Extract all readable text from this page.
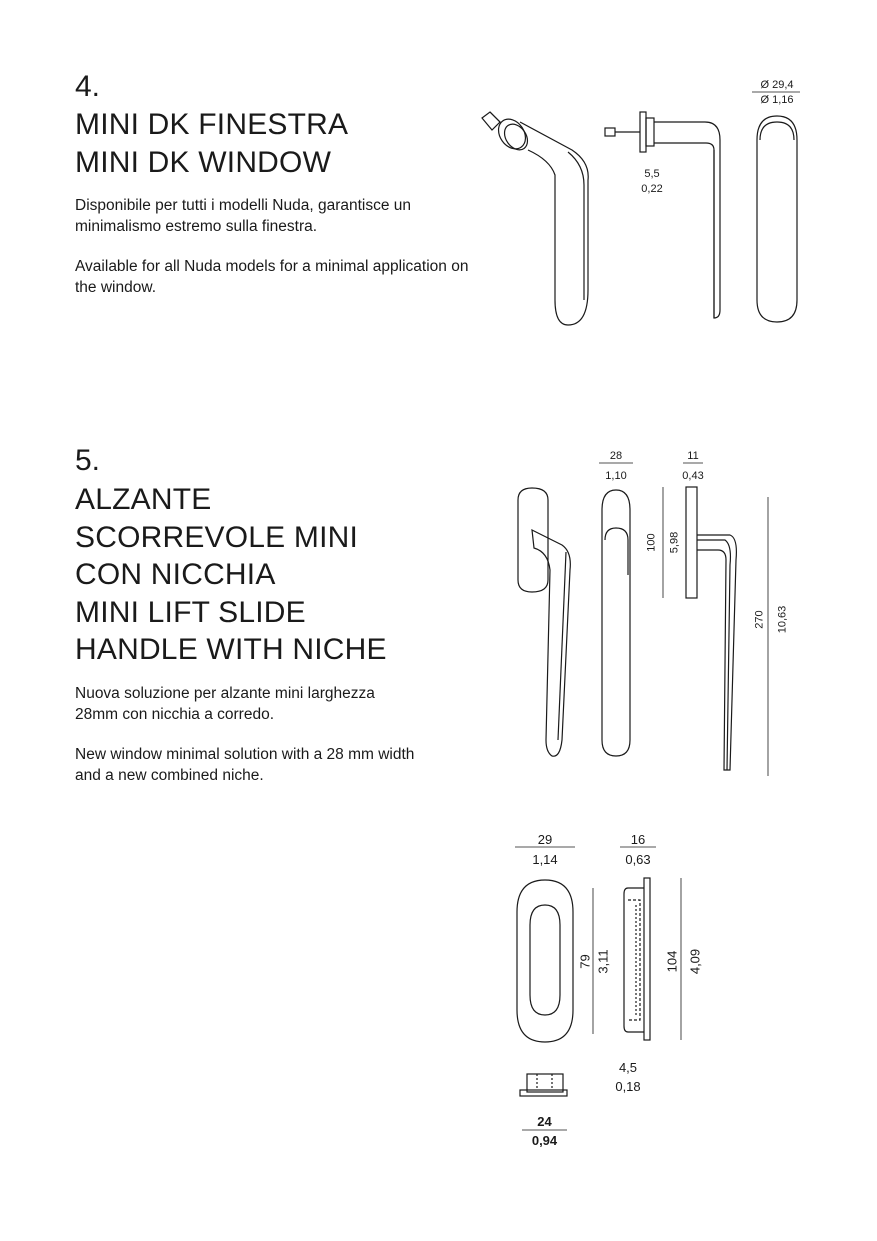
4.
MINI DK FINESTRA
MINI DK WINDOW

Disponibile per tutti i modelli Nuda, garantisce un minimalismo estremo sulla finestra.

Available for all Nuda models for a minimal application on the window.

5.
ALZANTE
SCORREVOLE MINI
CON NICCHIA
MINI LIFT SLIDE
HANDLE WITH NICHE

Nuova soluzione per alzante mini larghezza 28mm con nicchia a corredo.

New window minimal solution with a 28 mm width and a new combined niche.

Ø 29,4
Ø 1,16
5,5
0,22
28
1,10
11
0,43
100 5,98
270 10,63
29
1,14
16
0,63
79 3,11	104 4,09
4,5
0,18
24
0,94
